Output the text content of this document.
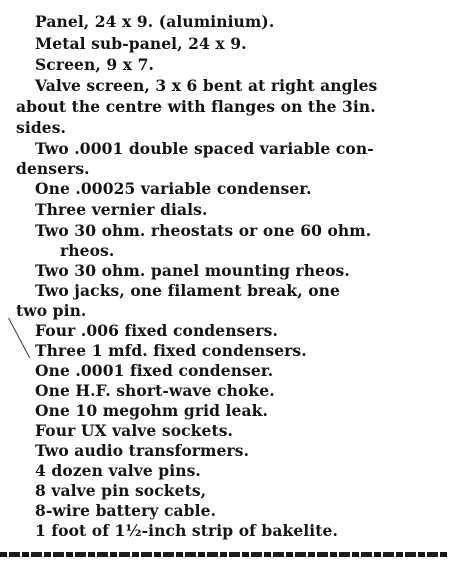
Panel, 24 x 9. (aluminium).
Metal sub-panel, 24 x 9.
Screen, 9 x 7.
Valve screen, 3 x 6 bent at right angles
about the centre with flanges on the 3in.
sides.
Two .0001 double spaced variable con-
densers.
One .00025 variable condenser.
Three vernier dials.
Two 30 ohm. rheostats or one 60 ohm.
rheos.
Two 30 ohm. panel mounting rheos.
Two jacks, one filament break, one
two pin.
Four .006 fixed condensers.
Three 1 mfd. fixed condensers.
One .0001 fixed condenser.
One H.F. short-wave choke.
One 10 megohm grid leak.
Four UX valve sockets.
Two audio transformers.
4 dozen valve pins.
8 valve pin sockets,
8-wire battery cable.
1 foot of 1½-inch strip of bakelite.
